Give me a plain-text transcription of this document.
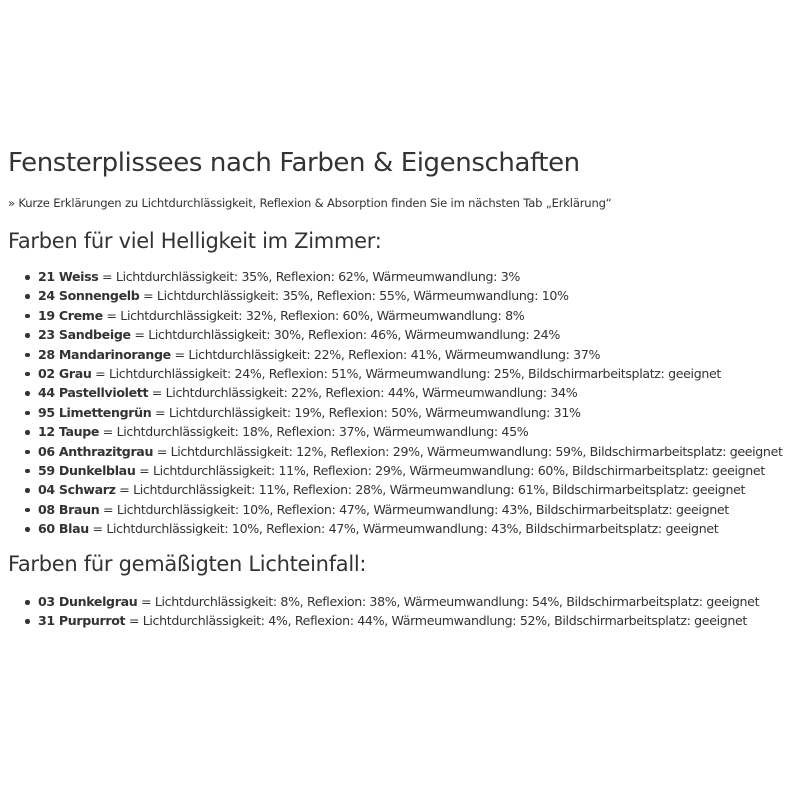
Fensterplissees nach Farben & Eigenschaften

» Kurze Erklärungen zu Lichtdurchlässigkeit, Reflexion & Absorption finden Sie im nächsten Tab „Erklärung“

Farben für viel Helligkeit im Zimmer:
21 Weiss = Lichtdurchlässigkeit: 35%, Reflexion: 62%, Wärmeumwandlung: 3%
24 Sonnengelb = Lichtdurchlässigkeit: 35%, Reflexion: 55%, Wärmeumwandlung: 10%
19 Creme = Lichtdurchlässigkeit: 32%, Reflexion: 60%, Wärmeumwandlung: 8%
23 Sandbeige = Lichtdurchlässigkeit: 30%, Reflexion: 46%, Wärmeumwandlung: 24%
28 Mandarinorange = Lichtdurchlässigkeit: 22%, Reflexion: 41%, Wärmeumwandlung: 37%
02 Grau = Lichtdurchlässigkeit: 24%, Reflexion: 51%, Wärmeumwandlung: 25%, Bildschirmarbeitsplatz: geeignet
44 Pastellviolett = Lichtdurchlässigkeit: 22%, Reflexion: 44%, Wärmeumwandlung: 34%
95 Limettengrün = Lichtdurchlässigkeit: 19%, Reflexion: 50%, Wärmeumwandlung: 31%
12 Taupe = Lichtdurchlässigkeit: 18%, Reflexion: 37%, Wärmeumwandlung: 45%
06 Anthrazitgrau = Lichtdurchlässigkeit: 12%, Reflexion: 29%, Wärmeumwandlung: 59%, Bildschirmarbeitsplatz: geeignet
59 Dunkelblau = Lichtdurchlässigkeit: 11%, Reflexion: 29%, Wärmeumwandlung: 60%, Bildschirmarbeitsplatz: geeignet
04 Schwarz = Lichtdurchlässigkeit: 11%, Reflexion: 28%, Wärmeumwandlung: 61%, Bildschirmarbeitsplatz: geeignet
08 Braun = Lichtdurchlässigkeit: 10%, Reflexion: 47%, Wärmeumwandlung: 43%, Bildschirmarbeitsplatz: geeignet
60 Blau = Lichtdurchlässigkeit: 10%, Reflexion: 47%, Wärmeumwandlung: 43%, Bildschirmarbeitsplatz: geeignet
Farben für gemäßigten Lichteinfall:
03 Dunkelgrau = Lichtdurchlässigkeit: 8%, Reflexion: 38%, Wärmeumwandlung: 54%, Bildschirmarbeitsplatz: geeignet
31 Purpurrot = Lichtdurchlässigkeit: 4%, Reflexion: 44%, Wärmeumwandlung: 52%, Bildschirmarbeitsplatz: geeignet
